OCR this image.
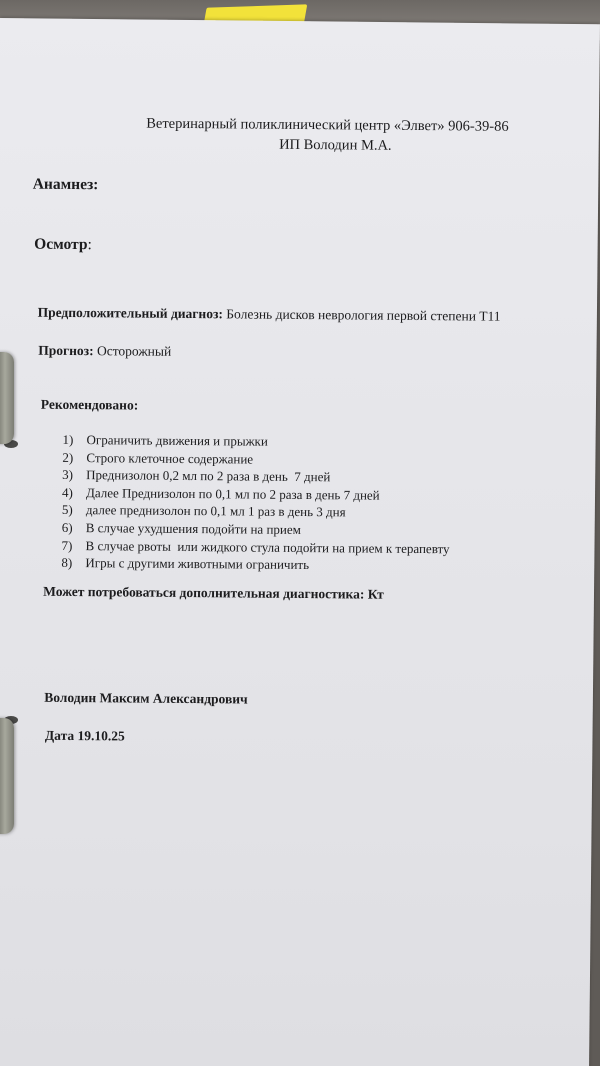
Ветеринарный поликлинический центр «Элвет» 906-39-86
ИП Володин М.А.
Анамнез:
Осмотр:
Предположительный диагноз: Болезнь дисков неврология первой степени Т11
Прогноз: Осторожный
Рекомендовано:
1) Ограничить движения и прыжки
2) Строго клеточное содержание
3) Преднизолон 0,2 мл по 2 раза в день  7 дней
4) Далее Преднизолон по 0,1 мл по 2 раза в день 7 дней
5) далее преднизолон по 0,1 мл 1 раз в день 3 дня
6) В случае ухудшения подойти на прием
7) В случае рвоты  или жидкого стула подойти на прием к терапевту
8) Игры с другими животными ограничить
Может потребоваться дополнительная диагностика: Кт
Володин Максим Александрович
Дата 19.10.25
